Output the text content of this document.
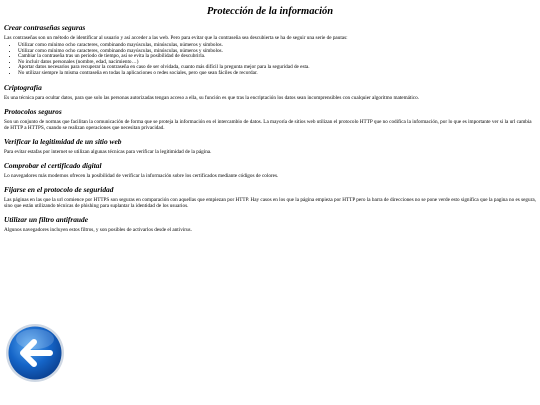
Protección de la información
Crear contraseñas seguras

Las contraseñas son un método de identificar al usuario y así acceder a las web. Pero para evitar que la contraseña sea descubierta se ha de seguir una serie de pautas:

• Utilizar como mínimo ocho caracteres, combinando mayúsculas, minúsculas, números y símbolos.
• Utilizar como mínimo ocho caracteres, combinando mayúsculas, minúsculas, números y símbolos.
• Cambiar la contraseña tras un periodo de tiempo, así se evita la posibilidad de descubrirla.
• No incluir datos personales (nombre, edad, nacimiento…)
• Aportar datos necesarios para recuperar la contraseña en caso de ser olvidada, cuanto más difícil la pregunta mejor para la seguridad de esta.
• No utilizar siempre la misma contraseña en todas la aplicaciones o redes sociales, pero que sean fáciles de recordar.
Criptografía

Es una técnica para ocultar datos, para que solo las personas autorizadas tengan acceso a ella, su función es que tras la encriptación los datos sean incomprensibles con cualquier algoritmo matemático.

Protocolos seguros

Son un conjunto de normas que facilitan la comunicación de forma que se proteja la información en el intercambio de datos. La mayoría de sitios web utilizan el protocolo HTTP que no codifica la información, por lo que es importante ver si la url cambia de HTTP a HTTPS, cuando se realizan operaciones que necesitan privacidad.

Verificar la legitimidad de un sitio web

Para evitar estafas por internet se utilizan algunas técnicas para verificar la legitimidad de la página.

Comprobar el certificado digital

Lo navegadores más modernos ofrecen la posibilidad de verificar la información sobre los certificados mediante códigos de colores.

Fijarse en el protocolo de seguridad

Las páginas en las que la url comience por HTTPS son seguras en comparación con aquellas que empiezan por HTTP. Hay casos en los que la página empieza por HTTP pero la barra de direcciones no se pone verde esto significa que la pagina no es segura, sino que están utilizando técnicas de phishing para suplantar la identidad de los usuarios.

Utilizar un filtro antifraude

Algunos navegadores incluyen estos filtros, y son posibles de activarlos desde el antivirus.
